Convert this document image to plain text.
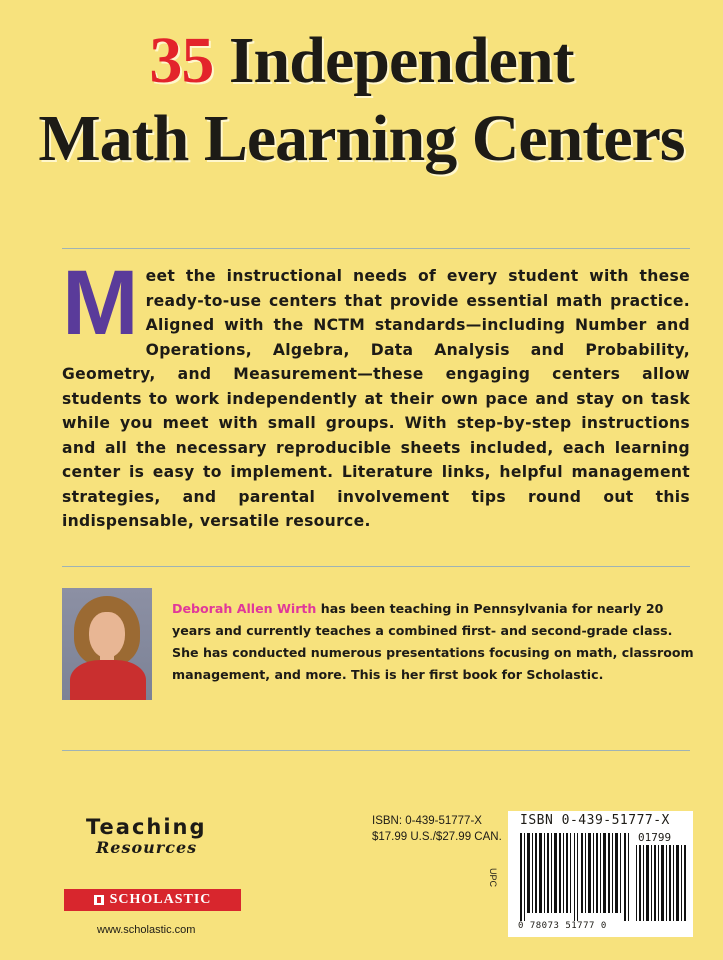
35 Independent
Math Learning Centers
Meet the instructional needs of every student with these ready-to-use centers that provide essential math practice. Aligned with the NCTM standards—including Number and Operations, Algebra, Data Analysis and Probability, Geometry, and Measurement—these engaging centers allow students to work independently at their own pace and stay on task while you meet with small groups. With step-by-step instructions and all the necessary reproducible sheets included, each learning center is easy to implement. Literature links, helpful management strategies, and parental involvement tips round out this indispensable, versatile resource.
Deborah Allen Wirth has been teaching in Pennsylvania for nearly 20 years and currently teaches a combined first- and second-grade class. She has conducted numerous presentations focusing on math, classroom management, and more. This is her first book for Scholastic.
Teaching
Resources
SCHOLASTIC
www.scholastic.com
ISBN: 0-439-51777-X
$17.99 U.S./$27.99 CAN.
UPC
ISBN 0-439-51777-X
01799
0 78073 51777 0
